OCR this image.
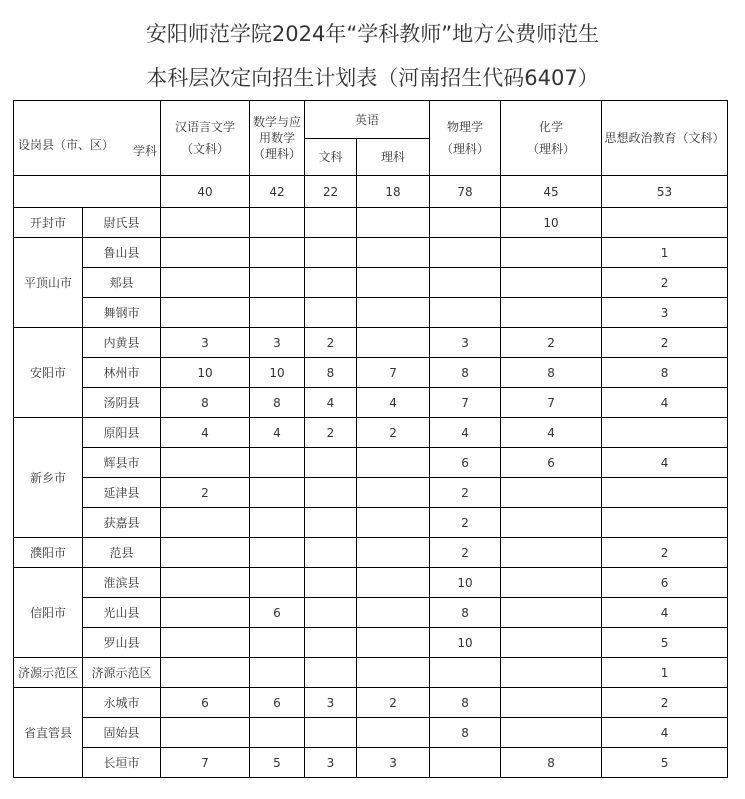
安阳师范学院2024年“学科教师”地方公费师范生
本科层次定向招生计划表（河南招生代码6407）
学科
设岗县（市、区）		汉语言文学
（文科）	数学与应
用数学
（理科）	英语		物理学
（理科）	化学
（理科）	思想政治教育（文科）
				文科	理科			
		40	42	22	18	78	45	53
开封市	尉氏县						10	
平顶山市	鲁山县							1
	郏县							2
	舞钢市							3
安阳市	内黄县	3	3	2		3	2	2
	林州市	10	10	8	7	8	8	8
	汤阴县	8	8	4	4	7	7	4
新乡市	原阳县	4	4	2	2	4	4	
	辉县市					6	6	4
	延津县	2				2		
	获嘉县					2		
濮阳市	范县					2		2
信阳市	淮滨县					10		6
	光山县		6			8		4
	罗山县					10		5
济源示范区	济源示范区							1
省直管县	永城市	6	6	3	2	8		2
	固始县					8		4
	长垣市	7	5	3	3		8	5
